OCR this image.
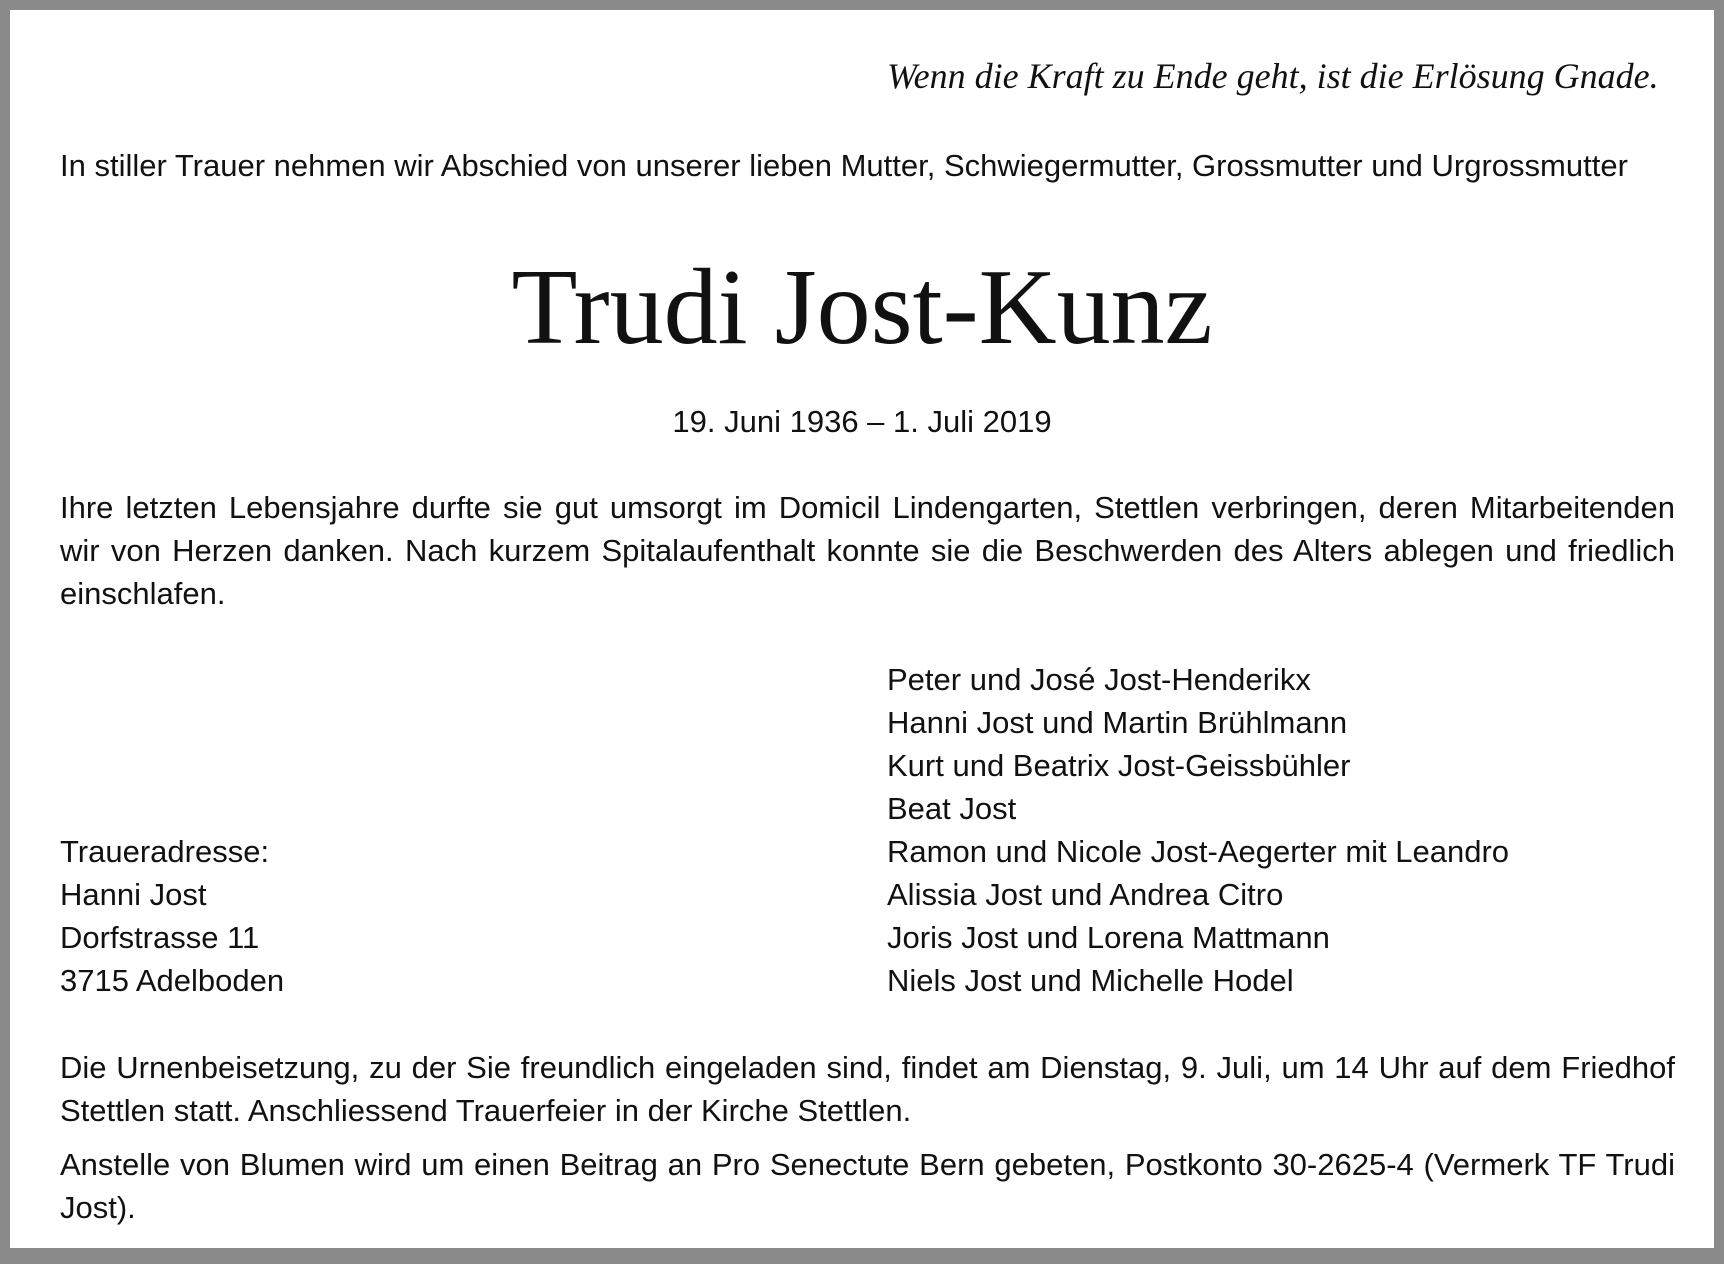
Wenn die Kraft zu Ende geht, ist die Erlösung Gnade.
In stiller Trauer nehmen wir Abschied von unserer lieben Mutter, Schwiegermutter, Grossmutter und Urgrossmutter
Trudi Jost-Kunz
19. Juni 1936 – 1. Juli 2019
Ihre letzten Lebensjahre durfte sie gut umsorgt im Domicil Lindengarten, Stettlen verbringen, deren Mitarbeitenden wir von Herzen danken. Nach kurzem Spitalaufenthalt konnte sie die Beschwerden des Alters ablegen und friedlich einschlafen.
Peter und José Jost-Henderikx
Hanni Jost und Martin Brühlmann
Kurt und Beatrix Jost-Geissbühler
Beat Jost
Ramon und Nicole Jost-Aegerter mit Leandro
Alissia Jost und Andrea Citro
Joris Jost und Lorena Mattmann
Niels Jost und Michelle Hodel
Traueradresse:
Hanni Jost
Dorfstrasse 11
3715 Adelboden
Die Urnenbeisetzung, zu der Sie freundlich eingeladen sind, findet am Dienstag, 9. Juli, um 14 Uhr auf dem Friedhof Stettlen statt. Anschliessend Trauerfeier in der Kirche Stettlen.
Anstelle von Blumen wird um einen Beitrag an Pro Senectute Bern gebeten, Postkonto 30-2625-4 (Vermerk TF Trudi Jost).
